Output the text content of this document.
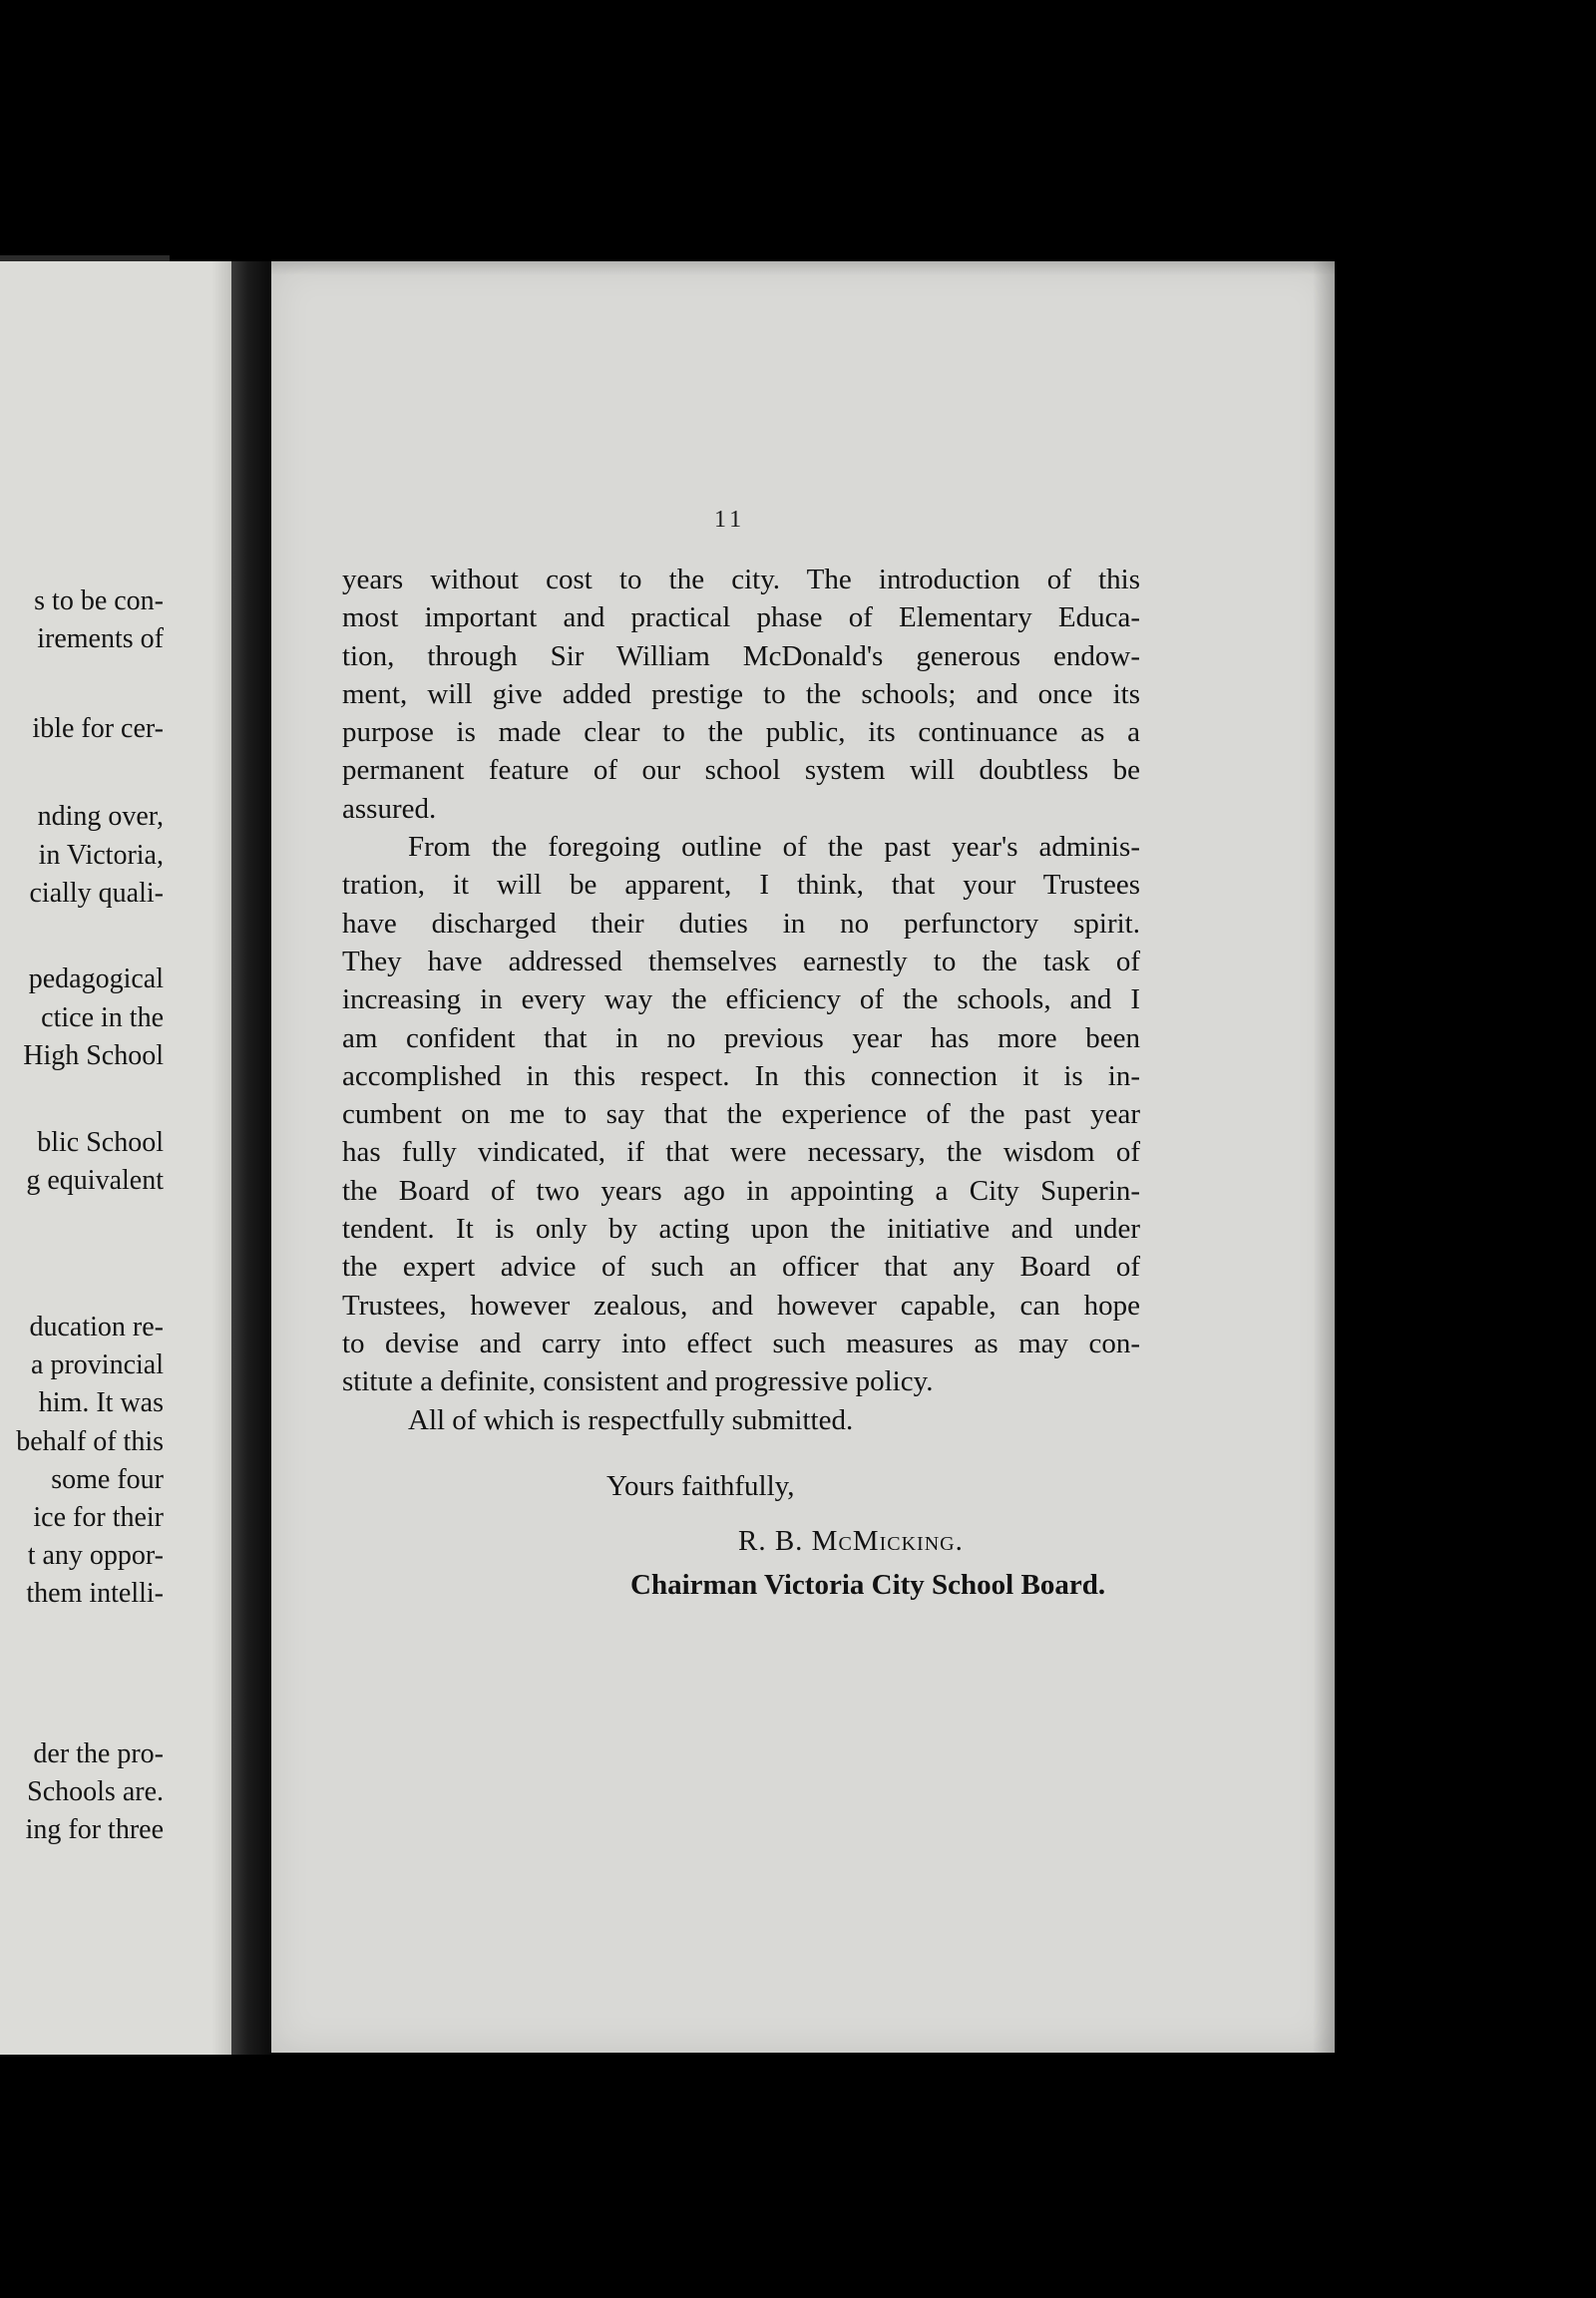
s to be con-
irements of
ible for cer-
nding over,
in Victoria,
cially quali-
pedagogical
ctice in the
High School
blic School
g equivalent
ducation re-
a provincial
him. It was
behalf of this
some four
ice for their
t any oppor-
them intelli-
der the pro-
Schools are.
ing for three
11
years without cost to the city. The introduction of this
most important and practical phase of Elementary Educa-
tion, through Sir William McDonald's generous endow-
ment, will give added prestige to the schools; and once its
purpose is made clear to the public, its continuance as a
permanent feature of our school system will doubtless be
assured.
From the foregoing outline of the past year's adminis-
tration, it will be apparent, I think, that your Trustees
have discharged their duties in no perfunctory spirit.
They have addressed themselves earnestly to the task of
increasing in every way the efficiency of the schools, and I
am confident that in no previous year has more been
accomplished in this respect. In this connection it is in-
cumbent on me to say that the experience of the past year
has fully vindicated, if that were necessary, the wisdom of
the Board of two years ago in appointing a City Superin-
tendent. It is only by acting upon the initiative and under
the expert advice of such an officer that any Board of
Trustees, however zealous, and however capable, can hope
to devise and carry into effect such measures as may con-
stitute a definite, consistent and progressive policy.
All of which is respectfully submitted.
Yours faithfully,
R. B. McMicking.
Chairman Victoria City School Board.
